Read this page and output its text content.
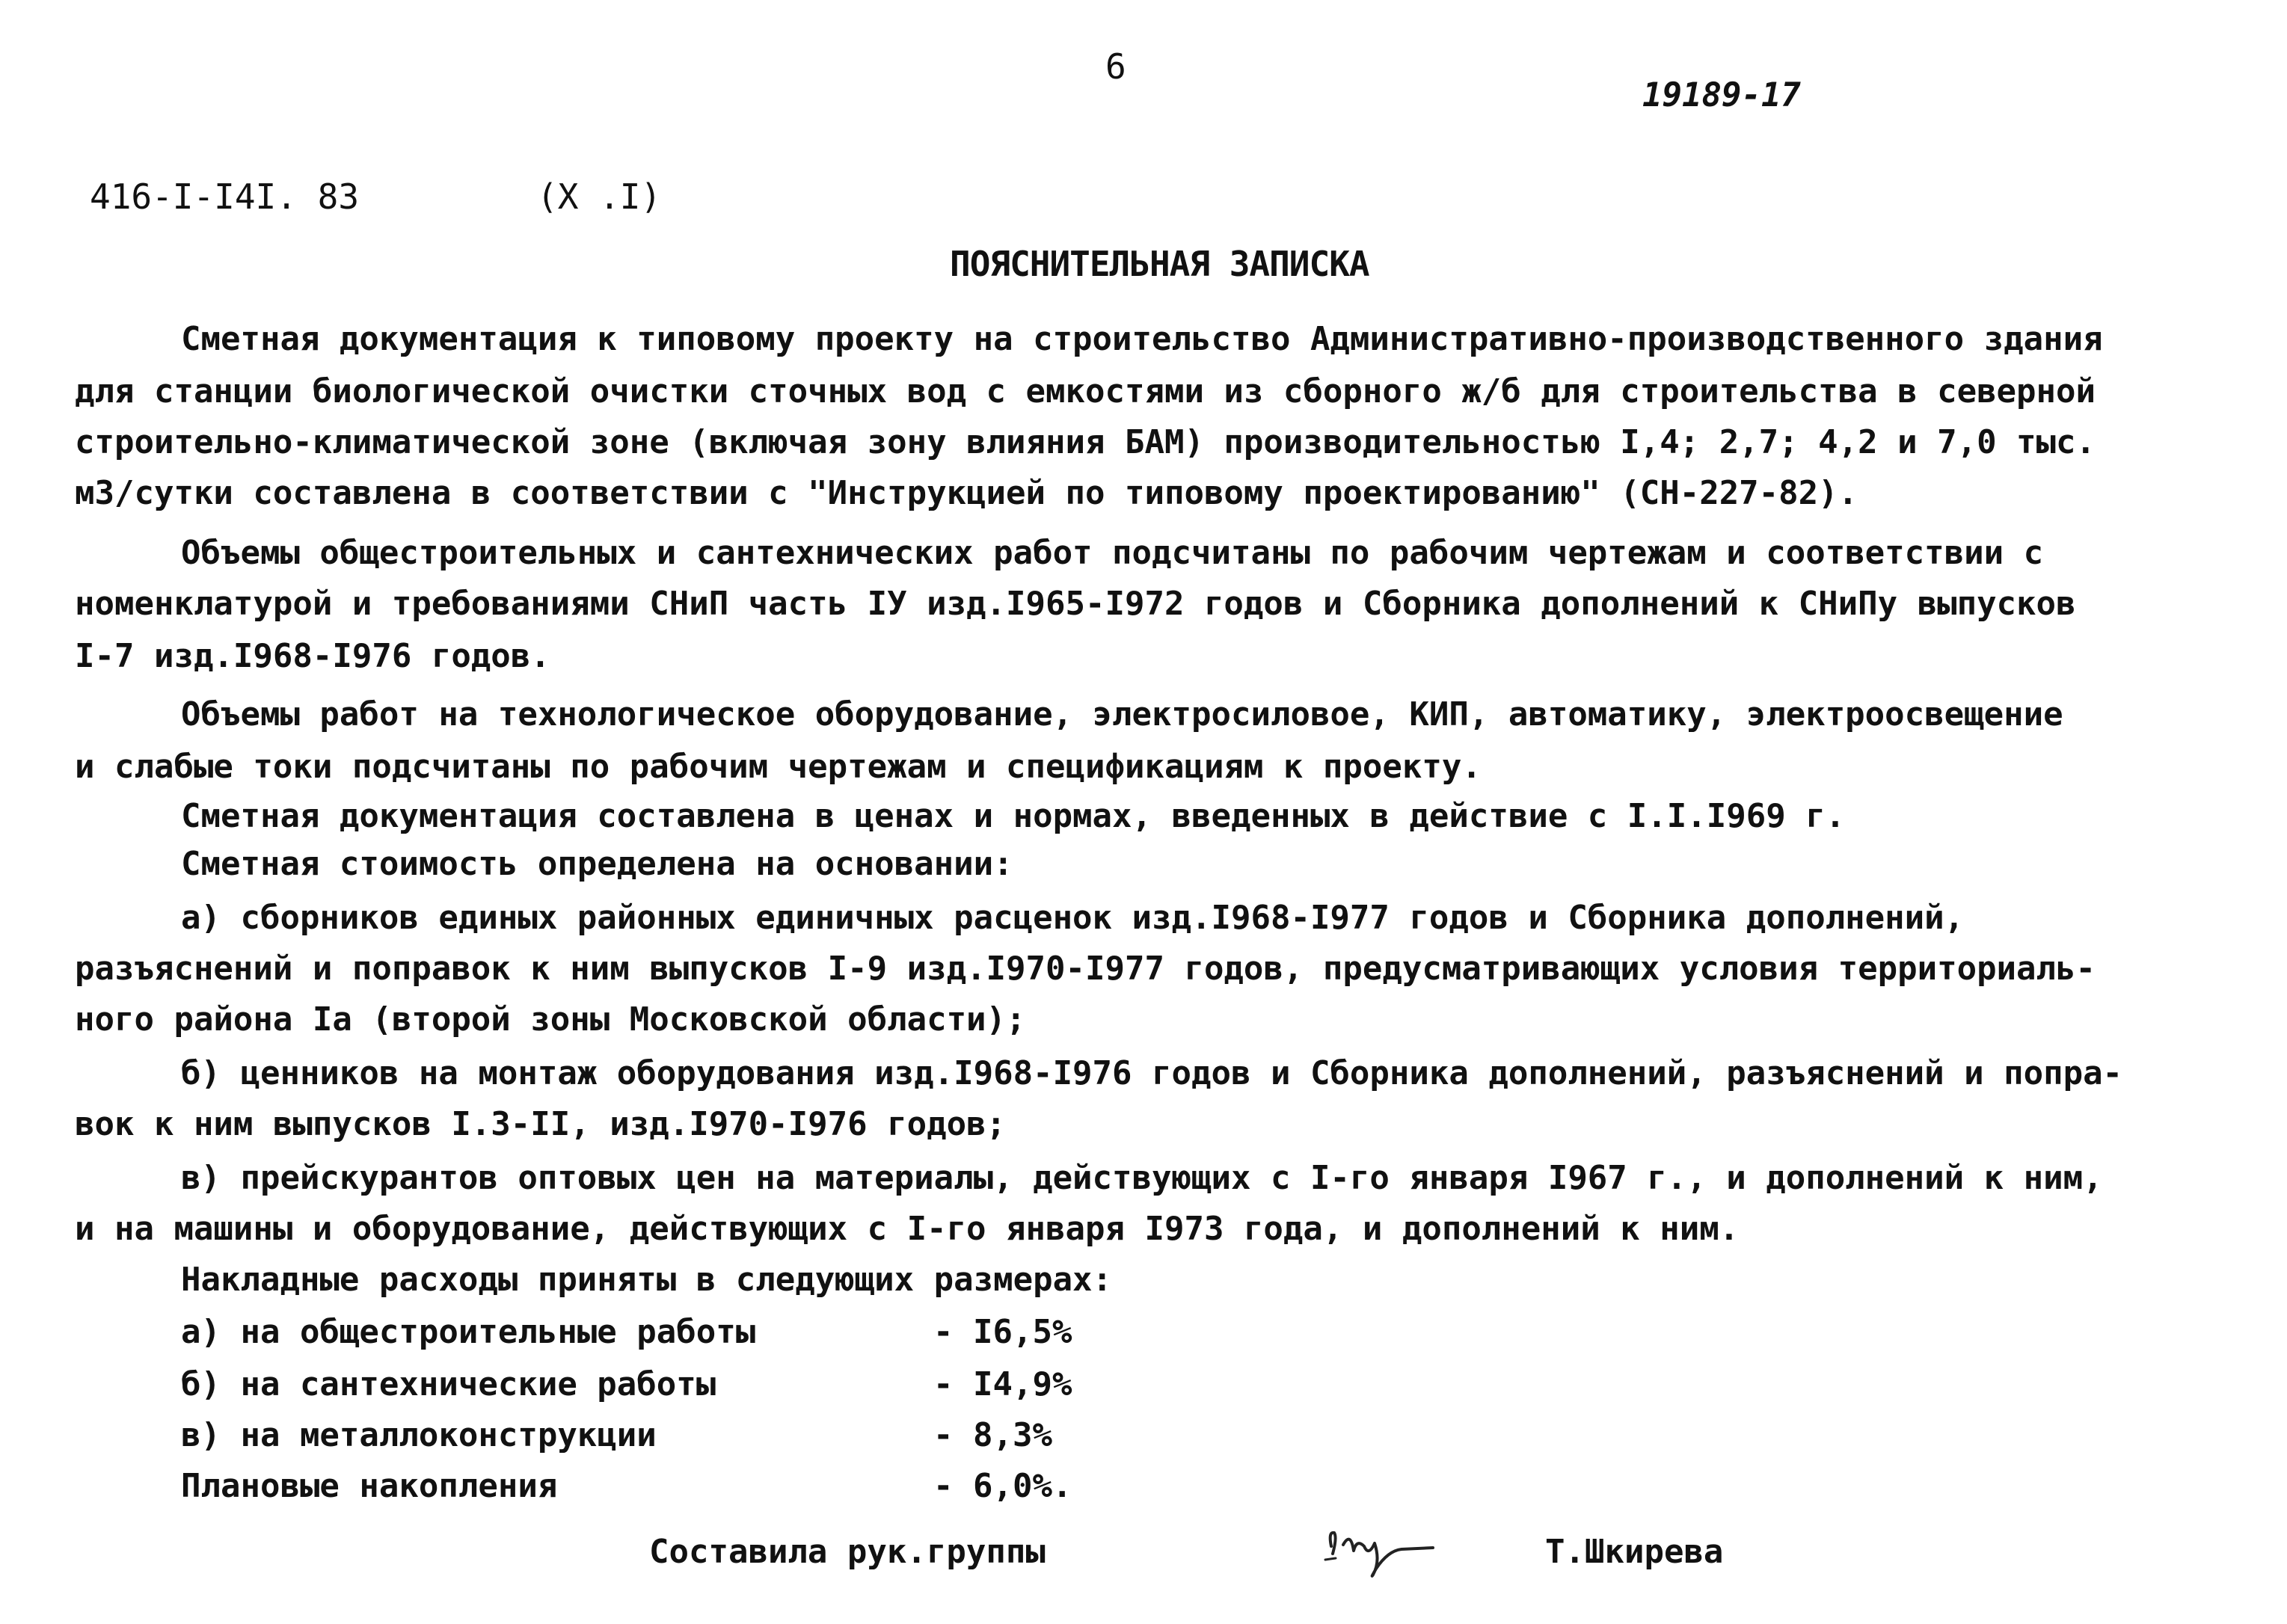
6
19189-17
416-I-I4I. 83	(X .I)
ПОЯСНИТЕЛЬНАЯ ЗАПИСКА
Сметная документация к типовому проекту на строительство Административно-производственного здания
для станции биологической очистки сточных вод с емкостями из сборного ж/б для строительства в северной
строительно-климатической зоне (включая зону влияния БАМ) производительностью I,4; 2,7; 4,2 и 7,0 тыс.
м3/сутки составлена в соответствии с "Инструкцией по типовому проектированию" (СН-227-82).
Объемы общестроительных и сантехнических работ подсчитаны по рабочим чертежам и соответствии с
номенклатурой и требованиями СНиП часть IУ изд.I965-I972 годов и Сборника дополнений к СНиПу выпусков
I-7 изд.I968-I976 годов.
Объемы работ на технологическое оборудование, электросиловое, КИП, автоматику, электроосвещение
и слабые токи подсчитаны по рабочим чертежам и спецификациям к проекту.
Сметная документация составлена в ценах и нормах, введенных в действие с I.I.I969 г.
Сметная стоимость определена на основании:
а) сборников единых районных единичных расценок изд.I968-I977 годов и Сборника дополнений,
разъяснений и поправок к ним выпусков I-9 изд.I970-I977 годов, предусматривающих условия территориаль-
ного района Iа (второй зоны Московской области);
б) ценников на монтаж оборудования изд.I968-I976 годов и Сборника дополнений, разъяснений и попра-
вок к ним выпусков I.3-II, изд.I970-I976 годов;
в) прейскурантов оптовых цен на материалы, действующих с I-го января I967 г., и дополнений к ним,
и на машины и оборудование, действующих с I-го января I973 года, и дополнений к ним.
Накладные расходы приняты в следующих размерах:
а) на общестроительные работы	- I6,5%
б) на сантехнические работы	- I4,9%
в) на металлоконструкции	- 8,3%
Плановые накопления	- 6,0%.
Составила рук.группы	Т.Шкирева
